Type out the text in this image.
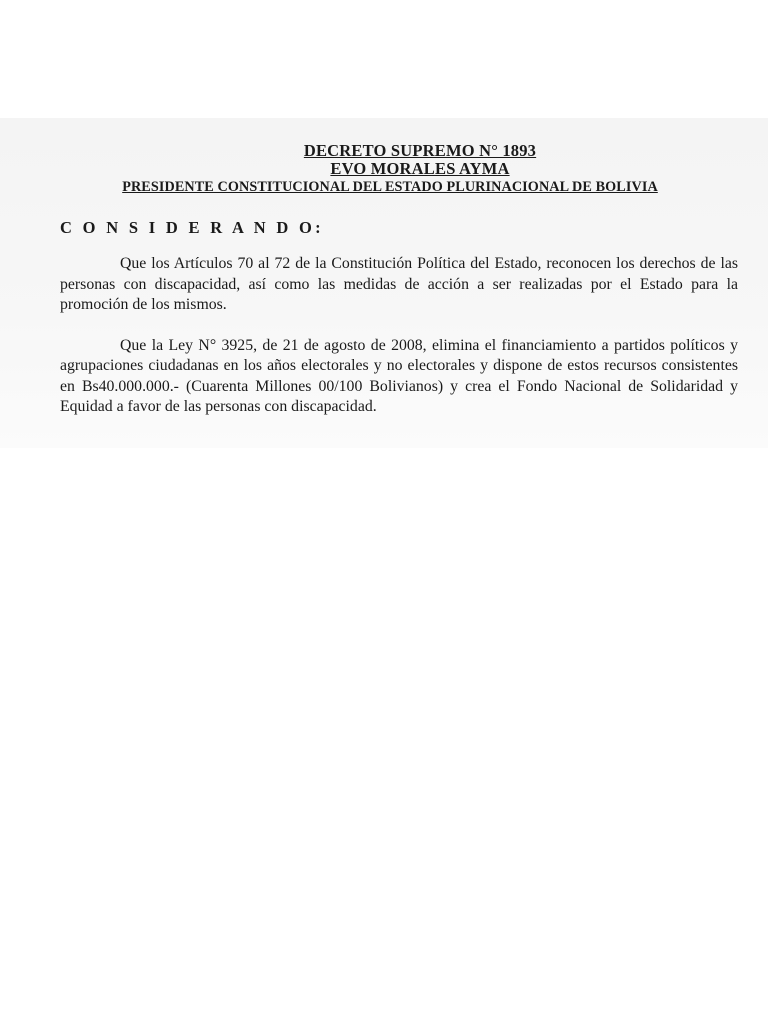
DECRETO SUPREMO N° 1893

EVO MORALES AYMA

PRESIDENTE CONSTITUCIONAL DEL ESTADO PLURINACIONAL DE BOLIVIA

C O N S I D E R A N D O:

Que los Artículos 70 al 72 de la Constitución Política del Estado, reconocen los derechos de las personas con discapacidad, así como las medidas de acción a ser realizadas por el Estado para la promoción de los mismos.

Que la Ley N° 3925, de 21 de agosto de 2008, elimina el financiamiento a partidos políticos y agrupaciones ciudadanas en los años electorales y no electorales y dispone de estos recursos consistentes en Bs40.000.000.- (Cuarenta Millones 00/100 Bolivianos) y crea el Fondo Nacional de Solidaridad y Equidad a favor de las personas con discapacidad.
